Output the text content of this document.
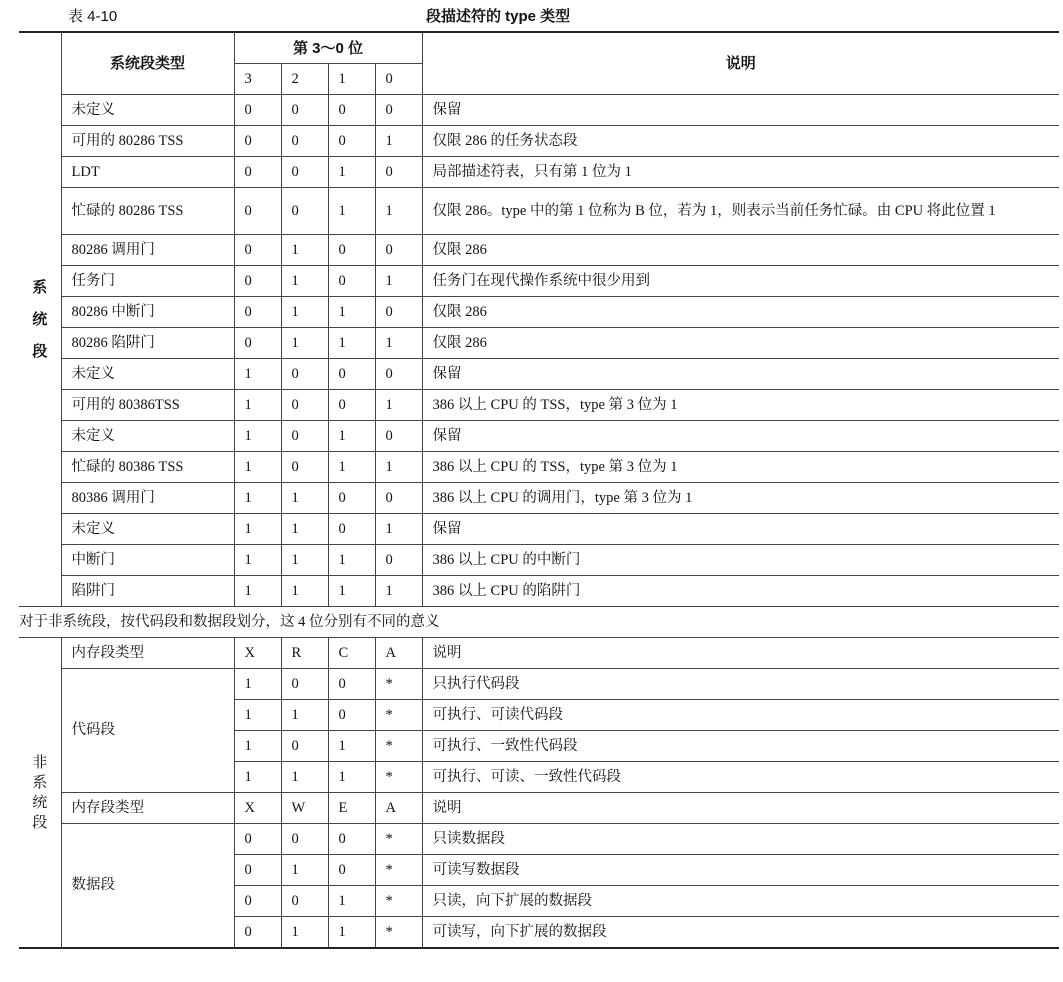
表 4-10	段描述符的 type 类型
系
统
段	系统段类型	第 3～0 位				说明
		3	2	1	0	
	未定义	0	0	0	0	保留
	可用的 80286 TSS	0	0	0	1	仅限 286 的任务状态段
	LDT	0	0	1	0	局部描述符表，只有第 1 位为 1
	忙碌的 80286 TSS	0	0	1	1	仅限 286。type 中的第 1 位称为 B 位，若为 1，则表示当前任务忙碌。由 CPU 将此位置 1
	80286 调用门	0	1	0	0	仅限 286
	任务门	0	1	0	1	任务门在现代操作系统中很少用到
	80286 中断门	0	1	1	0	仅限 286
	80286 陷阱门	0	1	1	1	仅限 286
	未定义	1	0	0	0	保留
	可用的 80386TSS	1	0	0	1	386 以上 CPU 的 TSS，type 第 3 位为 1
	未定义	1	0	1	0	保留
	忙碌的 80386 TSS	1	0	1	1	386 以上 CPU 的 TSS，type 第 3 位为 1
	80386 调用门	1	1	0	0	386 以上 CPU 的调用门，type 第 3 位为 1
	未定义	1	1	0	1	保留
	中断门	1	1	1	0	386 以上 CPU 的中断门
	陷阱门	1	1	1	1	386 以上 CPU 的陷阱门
对于非系统段，按代码段和数据段划分，这 4 位分别有不同的意义						

非
系
统
段	内存段类型	X	R	C	A	说明
	代码段	1	0	0	*	只执行代码段
		1	1	0	*	可执行、可读代码段
		1	0	1	*	可执行、一致性代码段
		1	1	1	*	可执行、可读、一致性代码段
	内存段类型	X	W	E	A	说明
	数据段	0	0	0	*	只读数据段
		0	1	0	*	可读写数据段
		0	0	1	*	只读，向下扩展的数据段
		0	1	1	*	可读写，向下扩展的数据段
